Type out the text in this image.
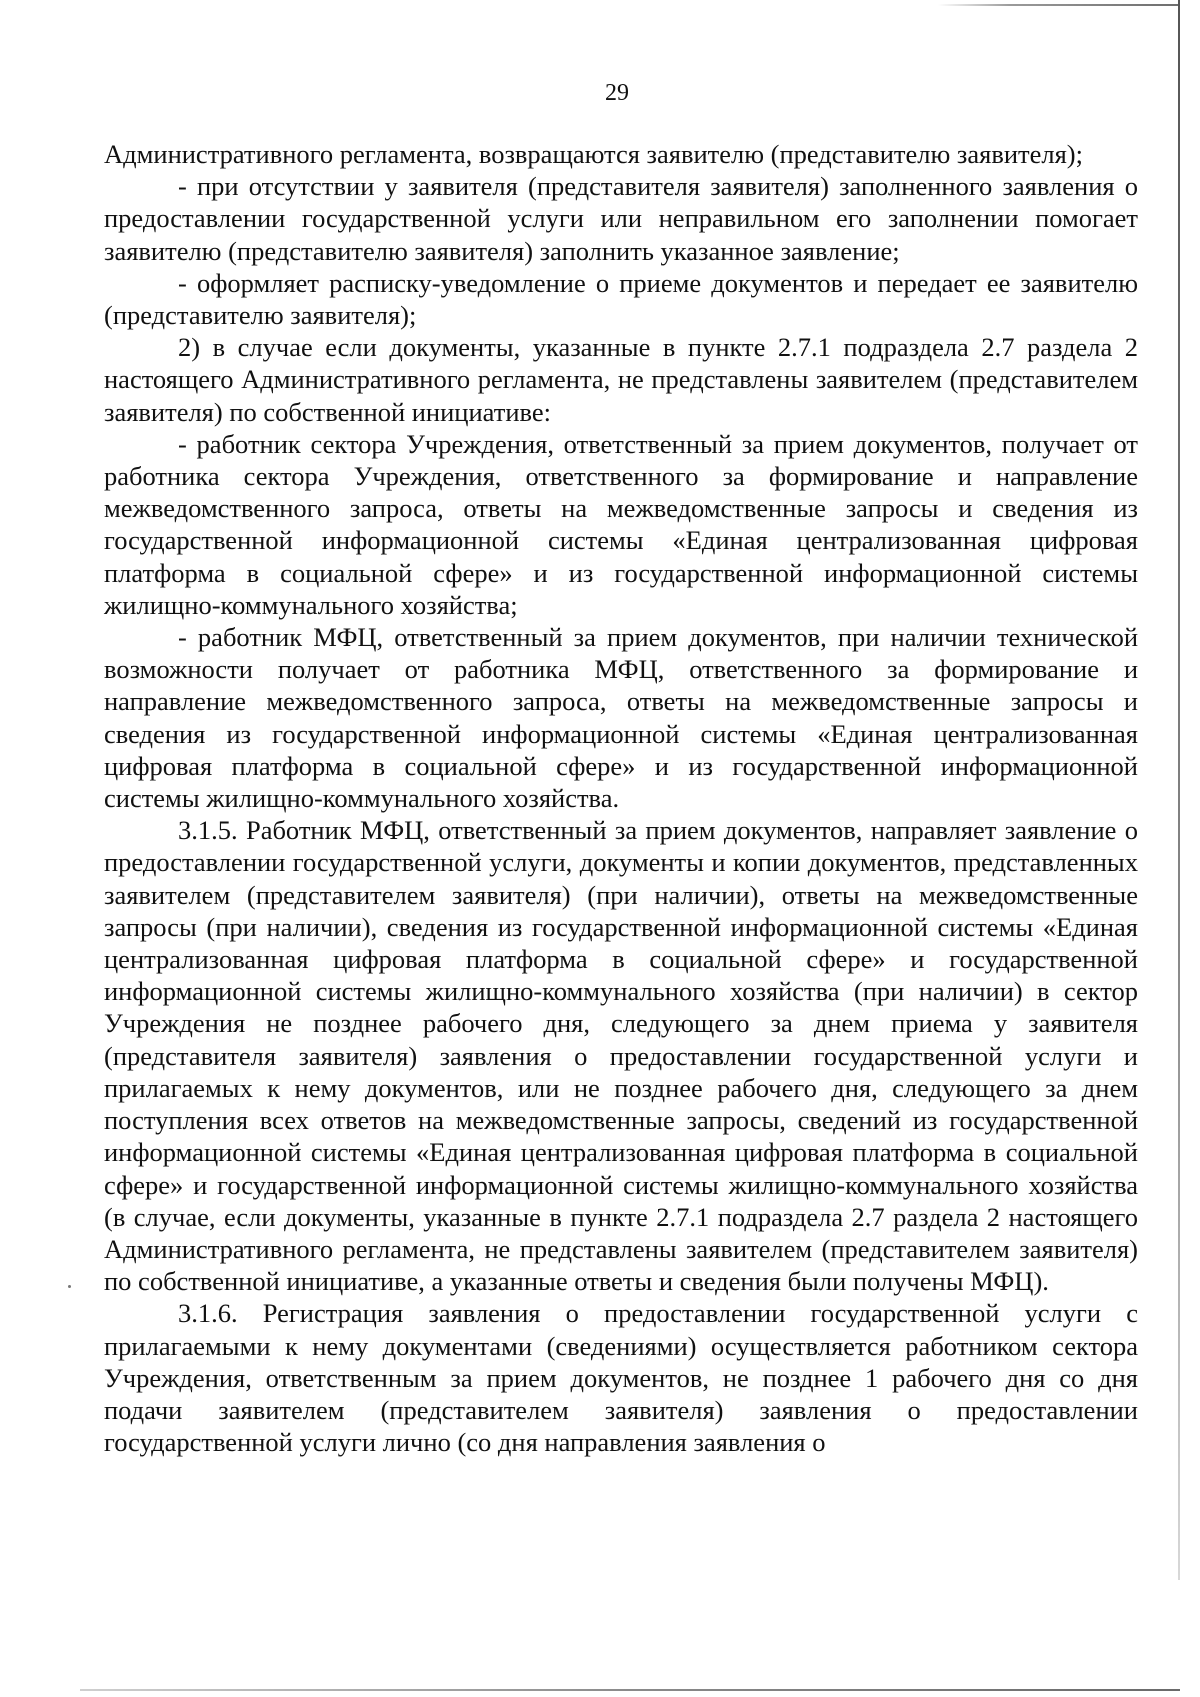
29

Административного регламента, возвращаются заявителю (представителю заявителя);

- при отсутствии у заявителя (представителя заявителя) заполненного заявления о предоставлении государственной услуги или неправильном его заполнении помогает заявителю (представителю заявителя) заполнить указанное заявление;

- оформляет расписку-уведомление о приеме документов и передает ее заявителю (представителю заявителя);

2) в случае если документы, указанные в пункте 2.7.1 подраздела 2.7 раздела 2 настоящего Административного регламента, не представлены заявителем (представителем заявителя) по собственной инициативе:

- работник сектора Учреждения, ответственный за прием документов, получает от работника сектора Учреждения, ответственного за формирование и направление межведомственного запроса, ответы на межведомственные запросы и сведения из государственной информационной системы «Единая централизованная цифровая платформа в социальной сфере» и из государственной информационной системы жилищно-коммунального хозяйства;

- работник МФЦ, ответственный за прием документов, при наличии технической возможности получает от работника МФЦ, ответственного за формирование и направление межведомственного запроса, ответы на межведомственные запросы и сведения из государственной информационной системы «Единая централизованная цифровая платформа в социальной сфере» и из государственной информационной системы жилищно-коммунального хозяйства.

3.1.5. Работник МФЦ, ответственный за прием документов, направляет заявление о предоставлении государственной услуги, документы и копии документов, представленных заявителем (представителем заявителя) (при наличии), ответы на межведомственные запросы (при наличии), сведения из государственной информационной системы «Единая централизованная цифровая платформа в социальной сфере» и государственной информационной системы жилищно-коммунального хозяйства (при наличии) в сектор Учреждения не позднее рабочего дня, следующего за днем приема у заявителя (представителя заявителя) заявления о предоставлении государственной услуги и прилагаемых к нему документов, или не позднее рабочего дня, следующего за днем поступления всех ответов на межведомственные запросы, сведений из государственной информационной системы «Единая централизованная цифровая платформа в социальной сфере» и государственной информационной системы жилищно-коммунального хозяйства (в случае, если документы, указанные в пункте 2.7.1 подраздела 2.7 раздела 2 настоящего Административного регламента, не представлены заявителем (представителем заявителя) по собственной инициативе, а указанные ответы и сведения были получены МФЦ).

3.1.6. Регистрация заявления о предоставлении государственной услуги с прилагаемыми к нему документами (сведениями) осуществляется работником сектора Учреждения, ответственным за прием документов, не позднее 1 рабочего дня со дня подачи заявителем (представителем заявителя) заявления о предоставлении государственной услуги лично (со дня направления заявления о
